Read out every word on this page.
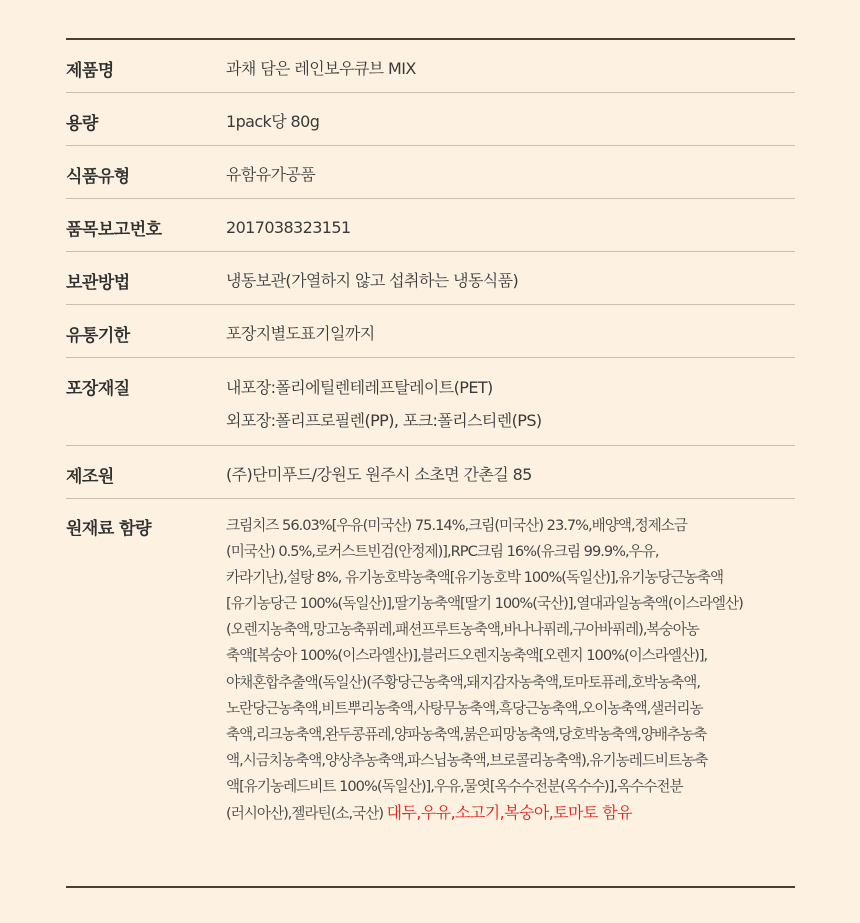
제품명	과채 담은 레인보우큐브 MIX
용량	1pack당 80g
식품유형	유함유가공품
품목보고번호	2017038323151
보관방법	냉동보관(가열하지 않고 섭취하는 냉동식품)
유통기한	포장지별도표기일까지
포장재질	내포장:폴리에틸렌테레프탈레이트(PET)
외포장:폴리프로필렌(PP), 포크:폴리스티렌(PS)
제조원	(주)단미푸드/강원도 원주시 소초면 간촌길 85
원재료 함량	크림치즈 56.03%[우유(미국산) 75.14%,크림(미국산) 23.7%,배양액,정제소금
(미국산) 0.5%,로커스트빈검(안정제)],RPC크림 16%(유크림 99.9%,우유,
카라기난),설탕 8%, 유기농호박농축액[유기농호박 100%(독일산)],유기농당근농축액
[유기농당근 100%(독일산)],딸기농축액[딸기 100%(국산)],열대과일농축액(이스라엘산)
(오렌지농축액,망고농축퓌레,패션프루트농축액,바나나퓌레,구아바퓌레),복숭아농
축액[복숭아 100%(이스라엘산)],블러드오렌지농축액[오렌지 100%(이스라엘산)],
야채혼합추출액(독일산)(주황당근농축액,돼지감자농축액,토마토퓨레,호박농축액,
노란당근농축액,비트뿌리농축액,사탕무농축액,흑당근농축액,오이농축액,샐러리농
축액,리크농축액,완두콩퓨레,양파농축액,붉은피망농축액,당호박농축액,양배추농축
액,시금치농축액,양상추농축액,파스닙농축액,브로콜리농축액),유기농레드비트농축
액[유기농레드비트 100%(독일산)],우유,물엿[옥수수전분(옥수수)],옥수수전분
(러시아산),젤라틴(소,국산) 대두,우유,소고기,복숭아,토마토 함유
